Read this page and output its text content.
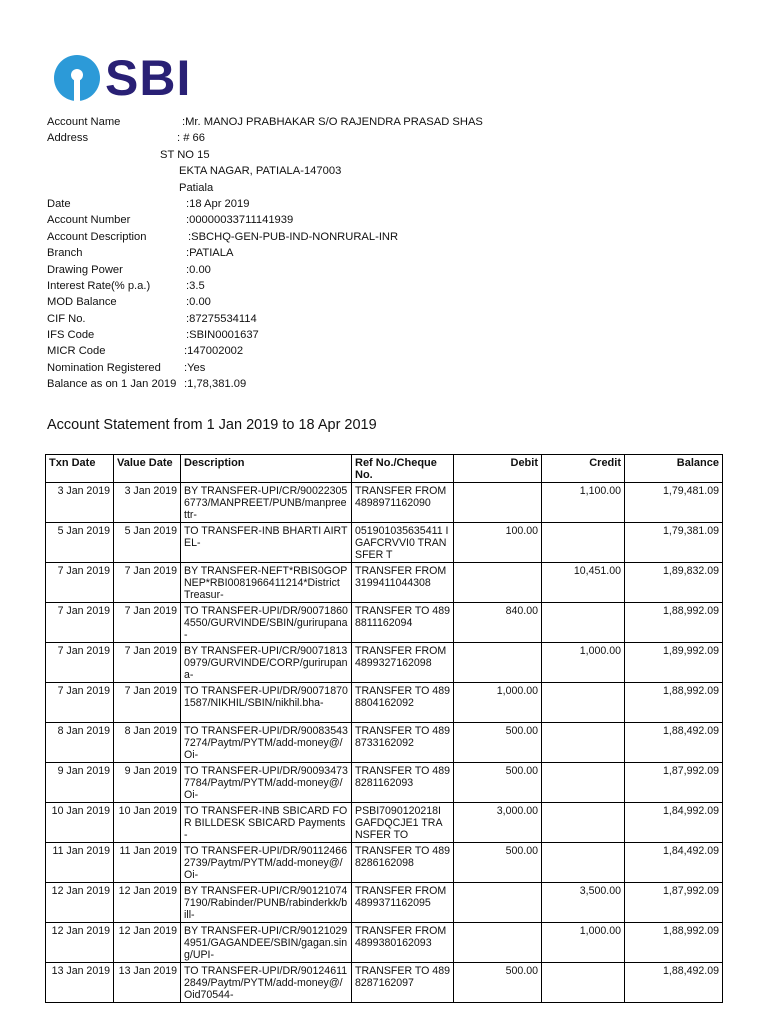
SBI
Account Name	:Mr. MANOJ PRABHAKAR S/O RAJENDRA PRASAD SHAS
Address	: # 66
ST NO 15
EKTA NAGAR, PATIALA-147003
Patiala
Date	:18 Apr 2019
Account Number	:00000033711141939
Account Description	:SBCHQ-GEN-PUB-IND-NONRURAL-INR
Branch	:PATIALA
Drawing Power	:0.00
Interest Rate(% p.a.)	:3.5
MOD Balance	:0.00
CIF No.	:87275534114
IFS Code	:SBIN0001637
MICR Code	:147002002
Nomination Registered :Yes
Balance as on 1 Jan 2019 :1,78,381.09
Account Statement from 1 Jan 2019 to 18 Apr 2019
Txn Date	Value Date	Description	Ref No./Cheque No.	Debit	Credit	Balance

3 Jan 2019	3 Jan 2019	BY TRANSFER-UPI/CR/900223056773/MANPREET/PUNB/manpreettr-	TRANSFER FROM 4898971162090		1,100.00	1,79,481.09

5 Jan 2019	5 Jan 2019	TO TRANSFER-INB BHARTI AIRTEL-	051901035635411 IGAFCRVVI0 TRANSFER T	100.00		1,79,381.09

7 Jan 2019	7 Jan 2019	BY TRANSFER-NEFT*RBIS0GOPNEP*RBI0081966411214*District Treasur-	TRANSFER FROM 3199411044308		10,451.00	1,89,832.09

7 Jan 2019	7 Jan 2019	TO TRANSFER-UPI/DR/900718604550/GURVINDE/SBIN/gurirupana-	TRANSFER TO 4898811162094	840.00		1,88,992.09

7 Jan 2019	7 Jan 2019	BY TRANSFER-UPI/CR/900718130979/GURVINDE/CORP/gurirupana-	TRANSFER FROM 4899327162098		1,000.00	1,89,992.09

7 Jan 2019	7 Jan 2019	TO TRANSFER-UPI/DR/900718701587/NIKHIL/SBIN/nikhil.bha-	TRANSFER TO 4898804162092	1,000.00		1,88,992.09

8 Jan 2019	8 Jan 2019	TO TRANSFER-UPI/DR/900835437274/Paytm/PYTM/add-money@/Oi-	TRANSFER TO 4898733162092	500.00		1,88,492.09

9 Jan 2019	9 Jan 2019	TO TRANSFER-UPI/DR/900934737784/Paytm/PYTM/add-money@/Oi-	TRANSFER TO 4898281162093	500.00		1,87,992.09

10 Jan 2019	10 Jan 2019	TO TRANSFER-INB SBICARD FOR BILLDESK SBICARD Payments-	PSBI7090120218I GAFDQCJE1 TRANSFER TO	3,000.00		1,84,992.09

11 Jan 2019	11 Jan 2019	TO TRANSFER-UPI/DR/901124662739/Paytm/PYTM/add-money@/Oi-	TRANSFER TO 4898286162098	500.00		1,84,492.09

12 Jan 2019	12 Jan 2019	BY TRANSFER-UPI/CR/901210747190/Rabinder/PUNB/rabinderkk/bill-	TRANSFER FROM 4899371162095		3,500.00	1,87,992.09

12 Jan 2019	12 Jan 2019	BY TRANSFER-UPI/CR/901210294951/GAGANDEE/SBIN/gagan.sing/UPI-	TRANSFER FROM 4899380162093		1,000.00	1,88,992.09

13 Jan 2019	13 Jan 2019	TO TRANSFER-UPI/DR/901246112849/Paytm/PYTM/add-money@/Oid70544-	TRANSFER TO 4898287162097	500.00		1,88,492.09
